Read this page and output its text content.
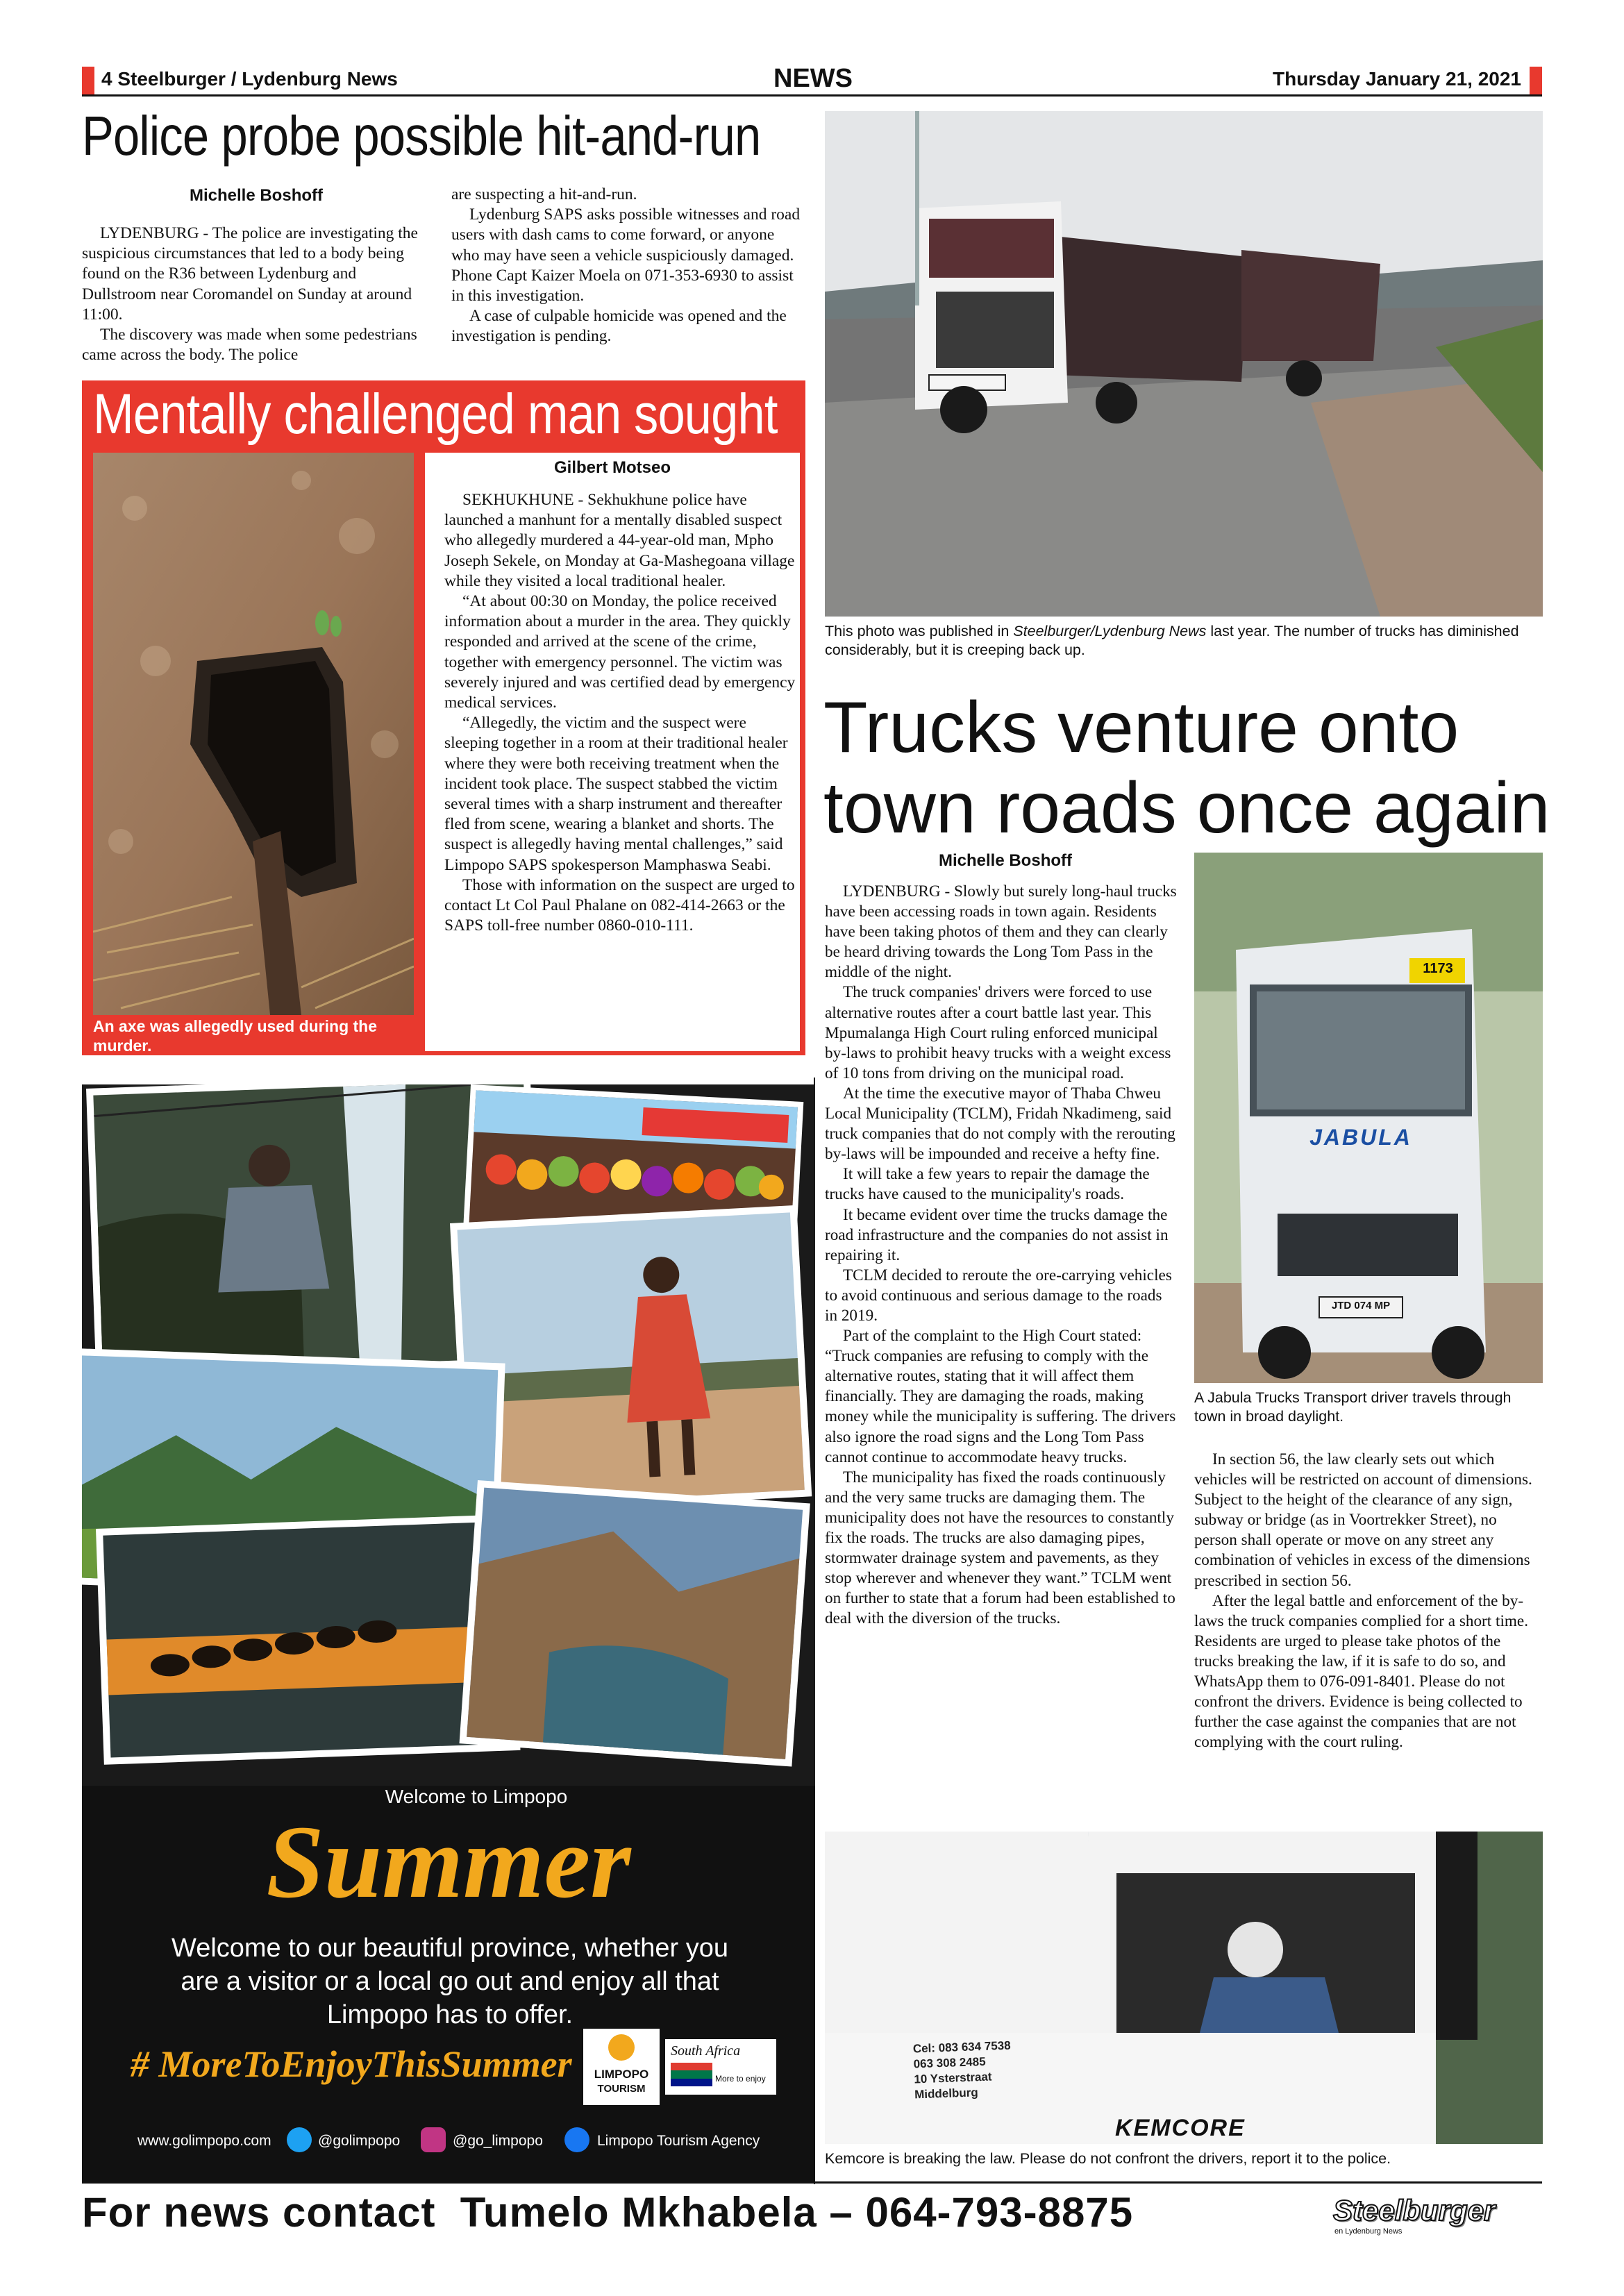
4 Steelburger / Lydenburg News	NEWS	Thursday January 21, 2021
Police probe possible hit-and-run
Michelle Boshoff

LYDENBURG - The police are investigating the suspicious circumstances that led to a body being found on the R36 between Lydenburg and Dullstroom near Coromandel on Sunday at around 11:00.

The discovery was made when some pedestrians came across the body. The police

are suspecting a hit-and-run.

Lydenburg SAPS asks possible witnesses and road users with dash cams to come forward, or anyone who may have seen a vehicle suspiciously damaged. Phone Capt Kaizer Moela on 071-353-6930 to assist in this investigation.

A case of culpable homicide was opened and the investigation is pending.

Mentally challenged man sought
An axe was allegedly used during the murder.
Gilbert Motseo

SEKHUKHUNE - Sekhukhune police have launched a manhunt for a mentally disabled suspect who allegedly murdered a 44-year-old man, Mpho Joseph Sekele, on Monday at Ga-Mashegoana village while they visited a local traditional healer.

“At about 00:30 on Monday, the police received information about a murder in the area. They quickly responded and arrived at the scene of the crime, together with emergency personnel. The victim was severely injured and was certified dead by emergency medical services.

“Allegedly, the victim and the suspect were sleeping together in a room at their traditional healer where they were both receiving treatment when the incident took place. The suspect stabbed the victim several times with a sharp instrument and thereafter fled from scene, wearing a blanket and shorts. The suspect is allegedly having mental challenges,” said Limpopo SAPS spokesperson Mamphaswa Seabi.

Those with information on the suspect are urged to contact Lt Col Paul Phalane on 082-414-2663 or the SAPS toll-free number 0860-010-111.

Welcome to Limpopo
Summer
Welcome to our beautiful province, whether you are a visitor or a local go out and enjoy all that Limpopo has to offer.
# MoreToEnjoyThisSummer	LIMPOPO
TOURISM
South Africa
More to enjoy
www.golimpopo.com	@golimpopo	@go_limpopo	Limpopo Tourism Agency
This photo was published in Steelburger/Lydenburg News last year. The number of trucks has diminished considerably, but it is creeping back up.
Trucks venture onto
town roads once again
Michelle Boshoff

LYDENBURG - Slowly but surely long-haul trucks have been accessing roads in town again. Residents have been taking photos of them and they can clearly be heard driving towards the Long Tom Pass in the middle of the night.

The truck companies' drivers were forced to use alternative routes after a court battle last year. This Mpumalanga High Court ruling enforced municipal by-laws to prohibit heavy trucks with a weight excess of 10 tons from driving on the municipal road.

At the time the executive mayor of Thaba Chweu Local Municipality (TCLM), Fridah Nkadimeng, said truck companies that do not comply with the rerouting by-laws will be impounded and receive a hefty fine.

It will take a few years to repair the damage the trucks have caused to the municipality's roads.

It became evident over time the trucks damage the road infrastructure and the companies do not assist in repairing it.

TCLM decided to reroute the ore-carrying vehicles to avoid continuous and serious damage to the roads in 2019.

Part of the complaint to the High Court stated: “Truck companies are refusing to comply with the alternative routes, stating that it will affect them financially. They are damaging the roads, making money while the municipality is suffering. The drivers also ignore the road signs and the Long Tom Pass cannot continue to accommodate heavy trucks.

The municipality has fixed the roads continuously and the very same trucks are damaging them. The municipality does not have the resources to constantly fix the roads. The trucks are also damaging pipes, stormwater drainage system and pavements, as they stop wherever and whenever they want.” TCLM went on further to state that a forum had been established to deal with the diversion of the trucks.

1173
JABULA
JTD 074 MP
A Jabula Trucks Transport driver travels through town in broad daylight.

In section 56, the law clearly sets out which vehicles will be restricted on account of dimensions. Subject to the height of the clearance of any sign, subway or bridge (as in Voortrekker Street), no person shall operate or move on any street any combination of vehicles in excess of the dimensions prescribed in section 56.

After the legal battle and enforcement of the by-laws the truck companies complied for a short time. Residents are urged to please take photos of the trucks breaking the law, if it is safe to do so, and WhatsApp them to 076-091-8401. Please do not confront the drivers. Evidence is being collected to further the case against the companies that are not complying with the court ruling.

Cel: 083 634 7538
063 308 2485
10 Ysterstraat
Middelburg
KEMCORE
Kemcore is breaking the law. Please do not confront the drivers, report it to the police.
For news contact  Tumelo Mkhabela – 064-793-8875	Steelburger
en Lydenburg News
